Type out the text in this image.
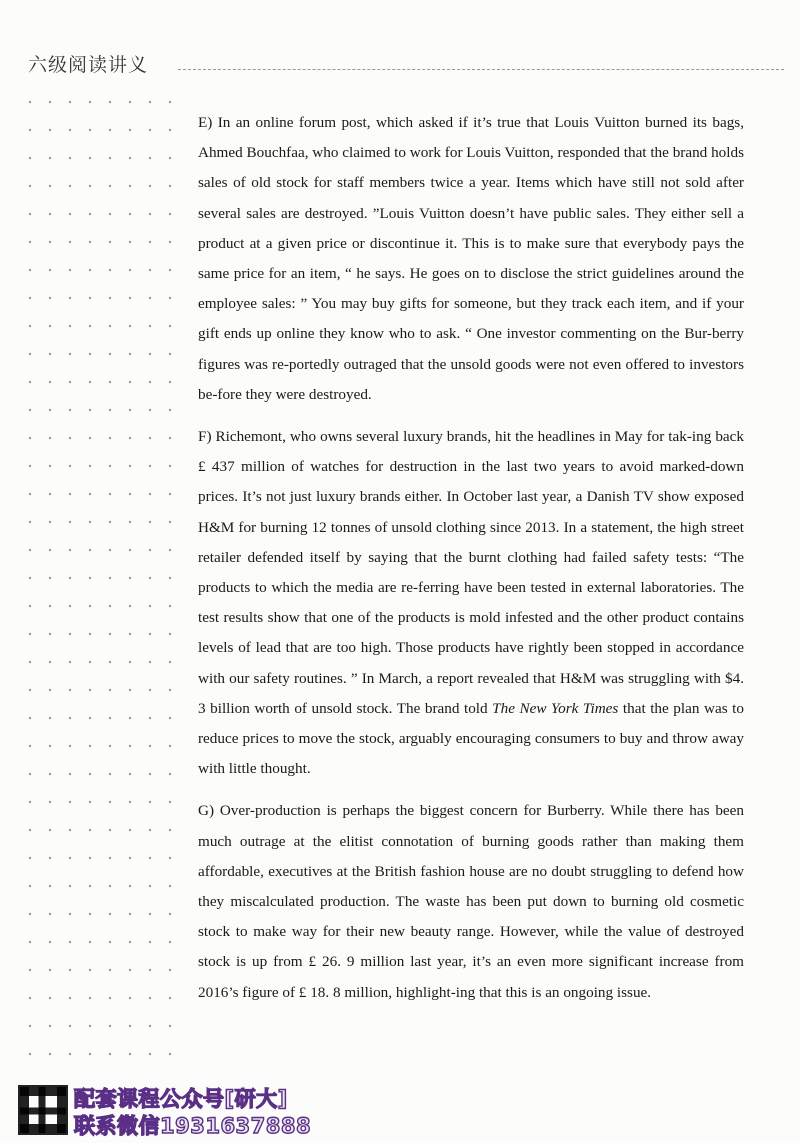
六级阅读讲义

E) In an online forum post, which asked if it’s true that Louis Vuitton burned its bags, Ahmed Bouchfaa, who claimed to work for Louis Vuitton, responded that the brand holds sales of old stock for staff members twice a year. Items which have still not sold after several sales are destroyed. ”Louis Vuitton doesn’t have public sales. They either sell a product at a given price or discontinue it. This is to make sure that everybody pays the same price for an item, “ he says. He goes on to disclose the strict guidelines around the employee sales: ” You may buy gifts for someone, but they track each item, and if your gift ends up online they know who to ask. “ One investor commenting on the Bur-berry figures was re-portedly outraged that the unsold goods were not even offered to investors be-fore they were destroyed.

F) Richemont, who owns several luxury brands, hit the headlines in May for tak-ing back £ 437 million of watches for destruction in the last two years to avoid marked-down prices. It’s not just luxury brands either. In October last year, a Danish TV show exposed H&M for burning 12 tonnes of unsold clothing since 2013. In a statement, the high street retailer defended itself by saying that the burnt clothing had failed safety tests: “The products to which the media are re-ferring have been tested in external laboratories. The test results show that one of the products is mold infested and the other product contains levels of lead that are too high. Those products have rightly been stopped in accordance with our safety routines. ” In March, a report revealed that H&M was struggling with $4. 3 billion worth of unsold stock. The brand told The New York Times that the plan was to reduce prices to move the stock, arguably encouraging consumers to buy and throw away with little thought.

G) Over-production is perhaps the biggest concern for Burberry. While there has been much outrage at the elitist connotation of burning goods rather than making them affordable, executives at the British fashion house are no doubt struggling to defend how they miscalculated production. The waste has been put down to burning old cosmetic stock to make way for their new beauty range. However, while the value of destroyed stock is up from £ 26. 9 million last year, it’s an even more significant increase from 2016’s figure of £ 18. 8 million, highlight-ing that this is an ongoing issue.

配套课程公众号[研大]
联系微信1931637888
